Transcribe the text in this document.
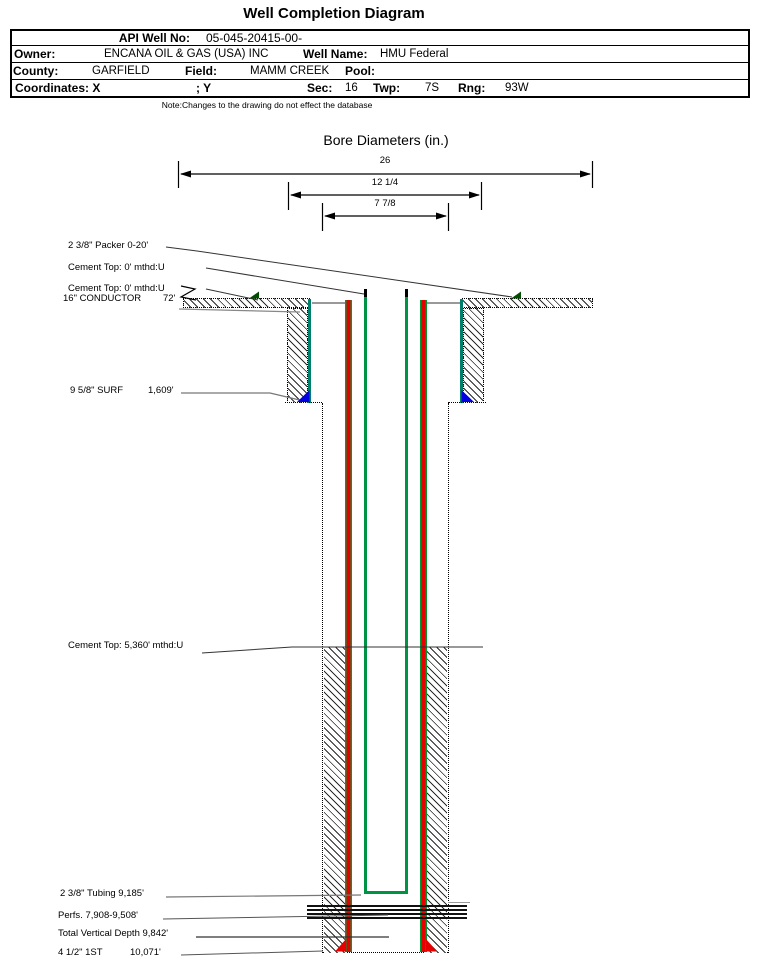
Well Completion Diagram
API Well No: 05-045-20415-00-
Owner:	ENCANA OIL & GAS (USA) INC	Well Name: HMU Federal
County:	GARFIELD	Field:	MAMM CREEK Pool:
Coordinates: X	; Y	Sec: 16 Twp: 7S Rng: 93W
Note:Changes to the drawing do not effect the database
Bore Diameters (in.)
26
12 1/4
7 7/8
2 3/8" Packer 0-20'
Cement Top: 0' mthd:U
Cement Top: 0' mthd:U
16" CONDUCTOR 72'
9 5/8" SURF	1,609'
Cement Top: 5,360' mthd:U
2 3/8" Tubing 9,185'
Perfs. 7,908-9,508'
Total Vertical Depth 9,842'
4 1/2" 1ST	10,071'
